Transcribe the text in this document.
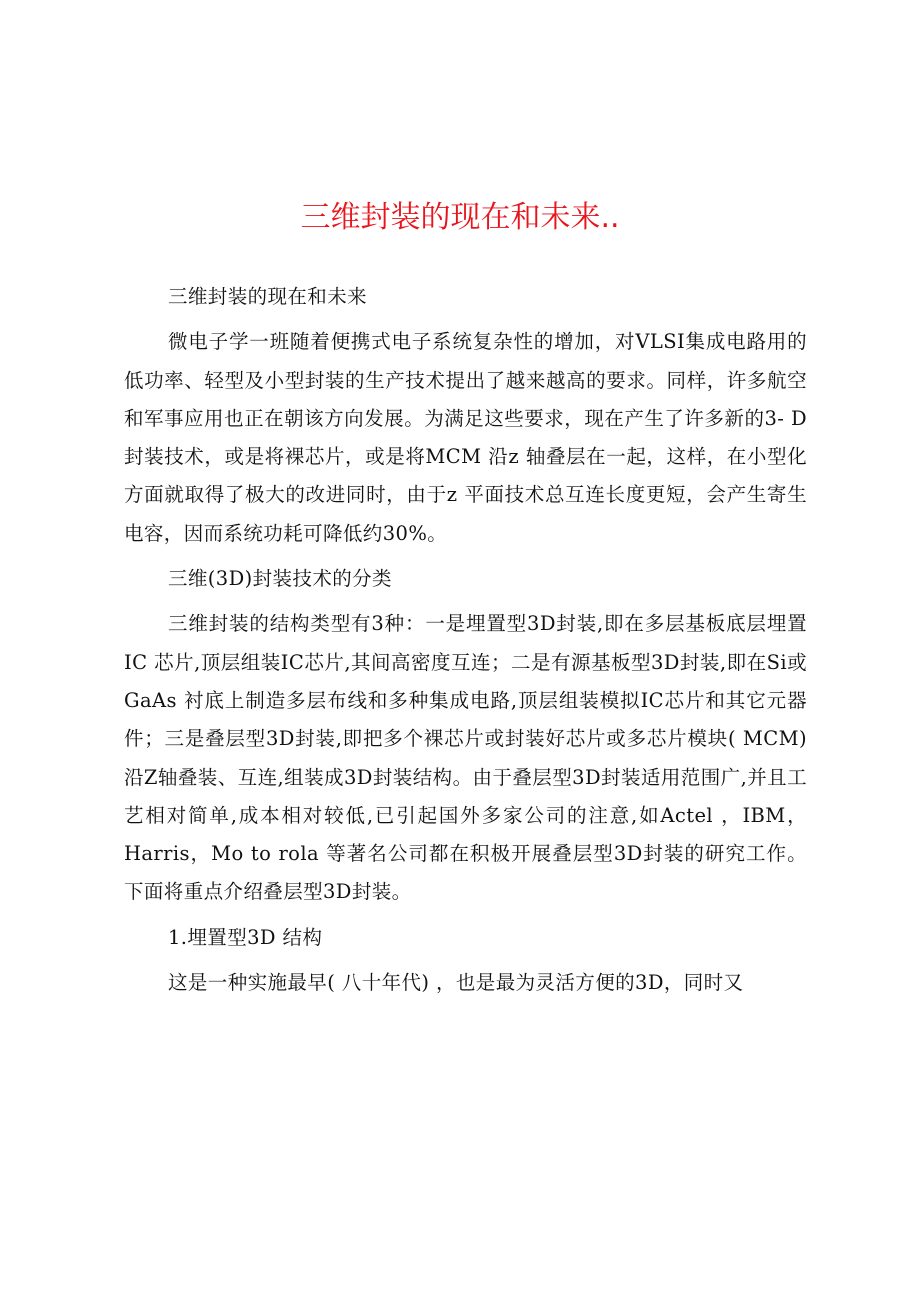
三维封装的现在和未来..

三维封装的现在和未来

微电子学一班随着便携式电子系统复杂性的增加，对VLSI集成电路用的低功率、轻型及小型封装的生产技术提出了越来越高的要求。同样，许多航空和军事应用也正在朝该方向发展。为满足这些要求，现在产生了许多新的3- D 封装技术，或是将裸芯片，或是将MCM 沿z 轴叠层在一起，这样，在小型化方面就取得了极大的改进同时，由于z 平面技术总互连长度更短，会产生寄生电容，因而系统功耗可降低约30%。

三维(3D)封装技术的分类

三维封装的结构类型有3种：一是埋置型3D封装,即在多层基板底层埋置IC 芯片,顶层组装IC芯片,其间高密度互连；二是有源基板型3D封装,即在Si或GaAs 衬底上制造多层布线和多种集成电路,顶层组装模拟IC芯片和其它元器件；三是叠层型3D封装,即把多个裸芯片或封装好芯片或多芯片模块( MCM)沿Z轴叠装、互连,组装成3D封装结构。由于叠层型3D封装适用范围广,并且工艺相对简单,成本相对较低,已引起国外多家公司的注意,如Actel ，IBM，Harris，Mo to rola 等著名公司都在积极开展叠层型3D封装的研究工作。下面将重点介绍叠层型3D封装。

1.埋置型3D 结构

这是一种实施最早( 八十年代) ，也是最为灵活方便的3D，同时又
